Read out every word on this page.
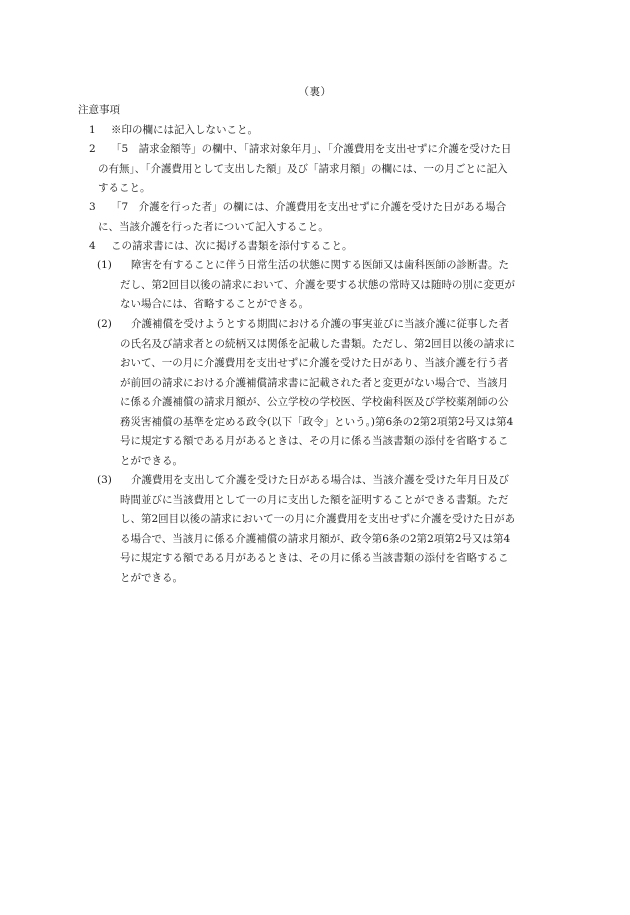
（裏）
注意事項
1 ※印の欄には記入しないこと。
2	「5　請求金額等」の欄中、「請求対象年月」、「介護費用を支出せずに介護を受けた日
の有無」、「介護費用として支出した額」及び「請求月額」の欄には、一の月ごとに記入
すること。
3	「7　介護を行った者」の欄には、介護費用を支出せずに介護を受けた日がある場合
に、当該介護を行った者について記入すること。
4 この請求書には、次に掲げる書類を添付すること。
(1)	障害を有することに伴う日常生活の状態に関する医師又は歯科医師の診断書。た
だし、第2回目以後の請求において、介護を要する状態の常時又は随時の別に変更が
ない場合には、省略することができる。
(2)	介護補償を受けようとする期間における介護の事実並びに当該介護に従事した者
の氏名及び請求者との続柄又は関係を記載した書類。ただし、第2回目以後の請求に
おいて、一の月に介護費用を支出せずに介護を受けた日があり、当該介護を行う者
が前回の請求における介護補償請求書に記載された者と変更がない場合で、当該月
に係る介護補償の請求月額が、公立学校の学校医、学校歯科医及び学校薬剤師の公
務災害補償の基準を定める政令(以下「政令」という。)第6条の2第2項第2号又は第4
号に規定する額である月があるときは、その月に係る当該書類の添付を省略するこ
とができる。
(3)	介護費用を支出して介護を受けた日がある場合は、当該介護を受けた年月日及び
時間並びに当該費用として一の月に支出した額を証明することができる書類。ただ
し、第2回目以後の請求において一の月に介護費用を支出せずに介護を受けた日があ
る場合で、当該月に係る介護補償の請求月額が、政令第6条の2第2項第2号又は第4
号に規定する額である月があるときは、その月に係る当該書類の添付を省略するこ
とができる。
